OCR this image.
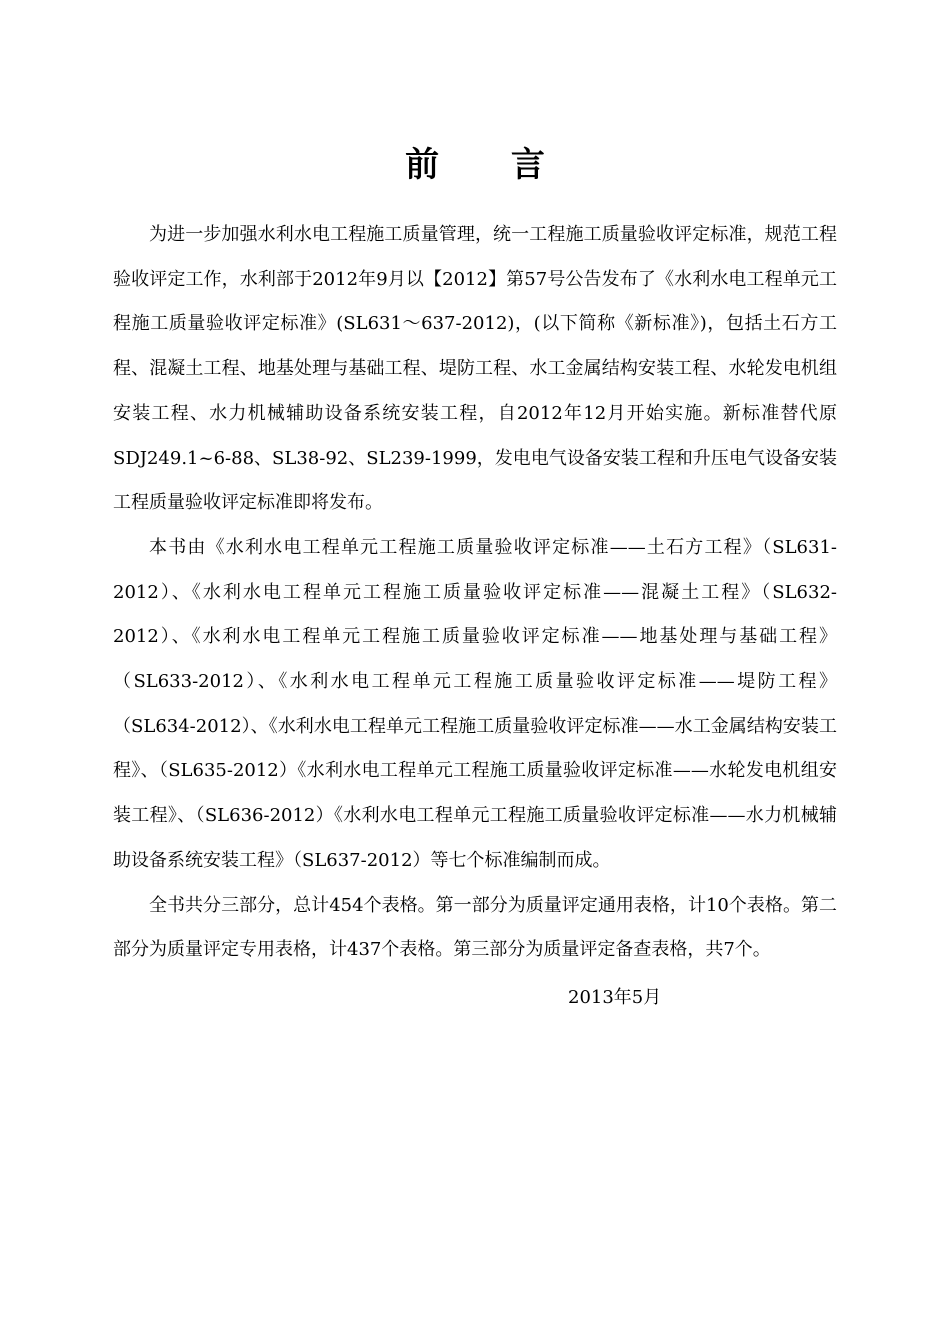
前 言

为进一步加强水利水电工程施工质量管理，统一工程施工质量验收评定标准，规范工程验收评定工作，水利部于2012年9月以【2012】第57号公告发布了《水利水电工程单元工程施工质量验收评定标准》(SL631～637-2012)，(以下简称《新标准》)，包括土石方工程、混凝土工程、地基处理与基础工程、堤防工程、水工金属结构安装工程、水轮发电机组安装工程、水力机械辅助设备系统安装工程，自2012年12月开始实施。新标准替代原SDJ249.1~6-88、SL38-92、SL239-1999，发电电气设备安装工程和升压电气设备安装工程质量验收评定标准即将发布。

本书由《水利水电工程单元工程施工质量验收评定标准——土石方工程》（SL631-2012）、《水利水电工程单元工程施工质量验收评定标准——混凝土工程》（SL632-2012）、《水利水电工程单元工程施工质量验收评定标准——地基处理与基础工程》（SL633-2012）、《水利水电工程单元工程施工质量验收评定标准——堤防工程》（SL634-2012）、《水利水电工程单元工程施工质量验收评定标准——水工金属结构安装工程》、（SL635-2012）《水利水电工程单元工程施工质量验收评定标准——水轮发电机组安装工程》、（SL636-2012）《水利水电工程单元工程施工质量验收评定标准——水力机械辅助设备系统安装工程》（SL637-2012）等七个标准编制而成。

全书共分三部分，总计454个表格。第一部分为质量评定通用表格，计10个表格。第二部分为质量评定专用表格，计437个表格。第三部分为质量评定备查表格，共7个。

2013年5月
